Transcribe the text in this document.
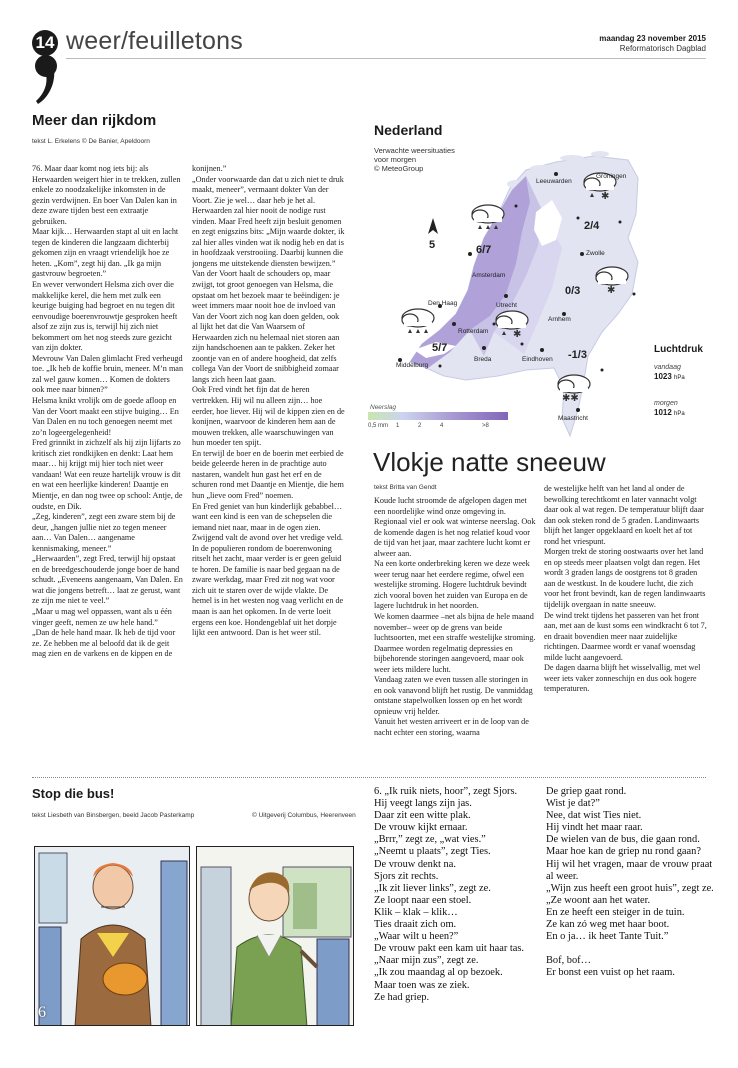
14 weer/feuilletons	maandag 23 november 2015
Reformatorisch Dagblad
Meer dan rijkdom
tekst L. Erkelens © De Banier, Apeldoorn
76. Maar daar komt nog iets bij: als Herwaarden weigert hier in te trekken, zullen enkele zo noodzakelijke inkomsten in de gezin verdwijnen. En boer Van Dalen kan in deze zware tijden best een extraatje gebruiken.
Maar kijk… Herwaarden stapt al uit en lacht tegen de kinderen die langzaam dichterbij gekomen zijn en vraagt vriendelijk hoe ze heten. „Kom”, zegt hij dan. „Ik ga mijn gastvrouw begroeten.”
En wever verwondert Helsma zich over die makkelijke kerel, die hem met zulk een keurige buiging had begroet en nu tegen dit eenvoudige boerenvrouwtje gesproken heeft alsof ze zijn zus is, terwijl hij zich niet bekommert om het nog steeds zure gezicht van zijn dokter.
Mevrouw Van Dalen glimlacht Fred verheugd toe. „Ik heb de koffie bruin, meneer. M’n man zal wel gauw komen… Komen de dokters ook mee naar binnen?”
Helsma knikt vrolijk om de goede afloop en Van der Voort maakt een stijve buiging… En Van Dalen en nu toch genoegen neemt met zo’n logeergelegenheid!
Fred grinnikt in zichzelf als hij zijn lijfarts zo kritisch ziet rondkijken en denkt: Laat hem maar… hij krijgt mij hier toch niet weer vandaan! Wat een reuze hartelijk vrouw is dit en wat een heerlijke kinderen! Daantje en Mientje, en dan nog twee op school: Antje, de oudste, en Dik.
„Zeg, kinderen”, zegt een zware stem bij de deur, „hangen jullie niet zo tegen meneer aan… Van Dalen… aangename kennismaking, meneer.”
„Herwaarden”, zegt Fred, terwijl hij opstaat en de breedgeschouderde jonge boer de hand schudt. „Eveneens aangenaam, Van Dalen. En wat die jongens betreft… laat ze gerust, want ze zijn me niet te veel.”
„Maar u mag wel oppassen, want als u één vinger geeft, nemen ze uw hele hand.”
„Dan de hele hand maar. Ik heb de tijd voor ze. Ze hebben me al beloofd dat ik de geit mag zien en de varkens en de kippen en de
konijnen.”
„Onder voorwaarde dan dat u zich niet te druk maakt, meneer”, vermaant dokter Van der Voort. Zie je wel… daar heb je het al. Herwaarden zal hier nooit de nodige rust vinden. Maar Fred heeft zijn besluit genomen en zegt enigszins bits: „Mijn waarde dokter, ik zal hier alles vinden wat ik nodig heb en dat is in hoofdzaak verstrooiing. Daarbij kunnen die jongens me uitstekende diensten bewijzen.”
Van der Voort haalt de schouders op, maar zwijgt, tot groot genoegen van Helsma, die opstaat om het bezoek maar te beëindigen: je weet immers maar nooit hoe de invloed van Van der Voort zich nog kan doen gelden, ook al lijkt het dat die Van Waarsem of Herwaarden zich nu helemaal niet storen aan zijn handschoenen aan te pakken. Zeker het zoontje van en of andere hoogheid, dat zelfs collega Van der Voort de snibbigheid zomaar langs zich heen laat gaan.
Ook Fred vindt het fijn dat de heren vertrekken. Hij wil nu alleen zijn… hoe eerder, hoe liever. Hij wil de kippen zien en de konijnen, waarvoor de kinderen hem aan de mouwen trekken, alle waarschuwingen van hun moeder ten spijt.
En terwijl de boer en de boerin met eerbied de beide geleerde heren in de prachtige auto nastaren, wandelt hun gast het erf en de schuren rond met Daantje en Mientje, die hem hun „lieve oom Fred” noemen.
En Fred geniet van hun kinderlijk gebabbel… want een kind is een van de schepselen die iemand niet naar, maar in de ogen zien.
Zwijgend valt de avond over het vredige veld. In de populieren rondom de boerenwoning ritselt het zacht, maar verder is er geen geluid te horen. De familie is naar bed gegaan na de zware werkdag, maar Fred zit nog wat voor zich uit te staren over de wijde vlakte. De hemel is in het westen nog vaag verlicht en de maan is aan het opkomen. In de verte loeit ergens een koe. Hondengeblaf uit het dorpje lijkt een antwoord. Dan is het weer stil.
✱
✱
✱
✱✱
Nederland
Verwachte weersituaties
voor morgen
© MeteoGroup
5
Leeuwarden
Groningen
Zwolle
Amsterdam
Utrecht
Arnhem
Den Haag
Rotterdam
Breda	Eindhoven
Middelburg
Maastricht
6/7
2/4
0/3
5/7
-1/3	Luchtdruk
vandaag
1023 hPa
morgen
1012 hPa
Neerslag
0,5 mm 1	2	4	>8
Vlokje natte sneeuw
tekst Britta van Gendt
Koude lucht stroomde de afgelopen dagen met een noordelijke wind onze omgeving in. Regionaal viel er ook wat winterse neerslag. Ook de komende dagen is het nog relatief koud voor de tijd van het jaar, maar zachtere lucht komt er alweer aan.
Na een korte onderbreking keren we deze week weer terug naar het eerdere regime, ofwel een westelijke stroming. Hogere luchtdruk bevindt zich vooral boven het zuiden van Europa en de lagere luchtdruk in het noorden.
We komen daarmee –net als bijna de hele maand november– weer op de grens van beide luchtsoorten, met een straffe westelijke stroming. Daarmee worden regelmatig depressies en bijbehorende storingen aangevoerd, maar ook weer iets mildere lucht.
Vandaag zaten we even tussen alle storingen in en ook vanavond blijft het rustig. De vanmiddag ontstane stapelwolken lossen op en het wordt opnieuw vrij helder.
Vanuit het westen arriveert er in de loop van de nacht echter een storing, waarna
de westelijke helft van het land al onder de bewolking terechtkomt en later vannacht volgt daar ook al wat regen. De temperatuur blijft daar dan ook steken rond de 5 graden. Landinwaarts blijft het langer opgeklaard en koelt het af tot rond het vriespunt.
Morgen trekt de storing oostwaarts over het land en op steeds meer plaatsen volgt dan regen. Het wordt 3 graden langs de oostgrens tot 8 graden aan de westkust. In de koudere lucht, die zich voor het front bevindt, kan de regen landinwaarts tijdelijk overgaan in natte sneeuw.
De wind trekt tijdens het passeren van het front aan, met aan de kust soms een windkracht 6 tot 7, en draait bovendien meer naar zuidelijke richtingen. Daarmee wordt er vanaf woensdag milde lucht aangevoerd.
De dagen daarna blijft het wisselvallig, met wel weer iets vaker zonneschijn en dus ook hogere temperaturen.
Stop die bus!
tekst Liesbeth van Binsbergen, beeld Jacob Pasterkamp	© Uitgeverij Columbus, Heerenveen
6
6. „Ik ruik niets, hoor”, zegt Sjors.
Hij veegt langs zijn jas.
Daar zit een witte plak.
De vrouw kijkt ernaar.
„Brrr,” zegt ze, „wat vies.”
„Neemt u plaats”, zegt Ties.
De vrouw denkt na.
Sjors zit rechts.
„Ik zit liever links”, zegt ze.
Ze loopt naar een stoel.
Klik – klak – klik…
Ties draait zich om.
„Waar wilt u heen?”
De vrouw pakt een kam uit haar tas.
„Naar mijn zus”, zegt ze.
„Ik zou maandag al op bezoek.
Maar toen was ze ziek.
Ze had griep.
De griep gaat rond.
Wist je dat?”
Nee, dat wist Ties niet.
Hij vindt het maar raar.
De wielen van de bus, die gaan rond.
Maar hoe kan de griep nu rond gaan?
Hij wil het vragen, maar de vrouw praat al weer.
„Wijn zus heeft een groot huis”, zegt ze.
„Ze woont aan het water.
En ze heeft een steiger in de tuin.
Ze kan zó weg met haar boot.
En o ja… ik heet Tante Tuit.”

Bof, bof…
Er bonst een vuist op het raam.
